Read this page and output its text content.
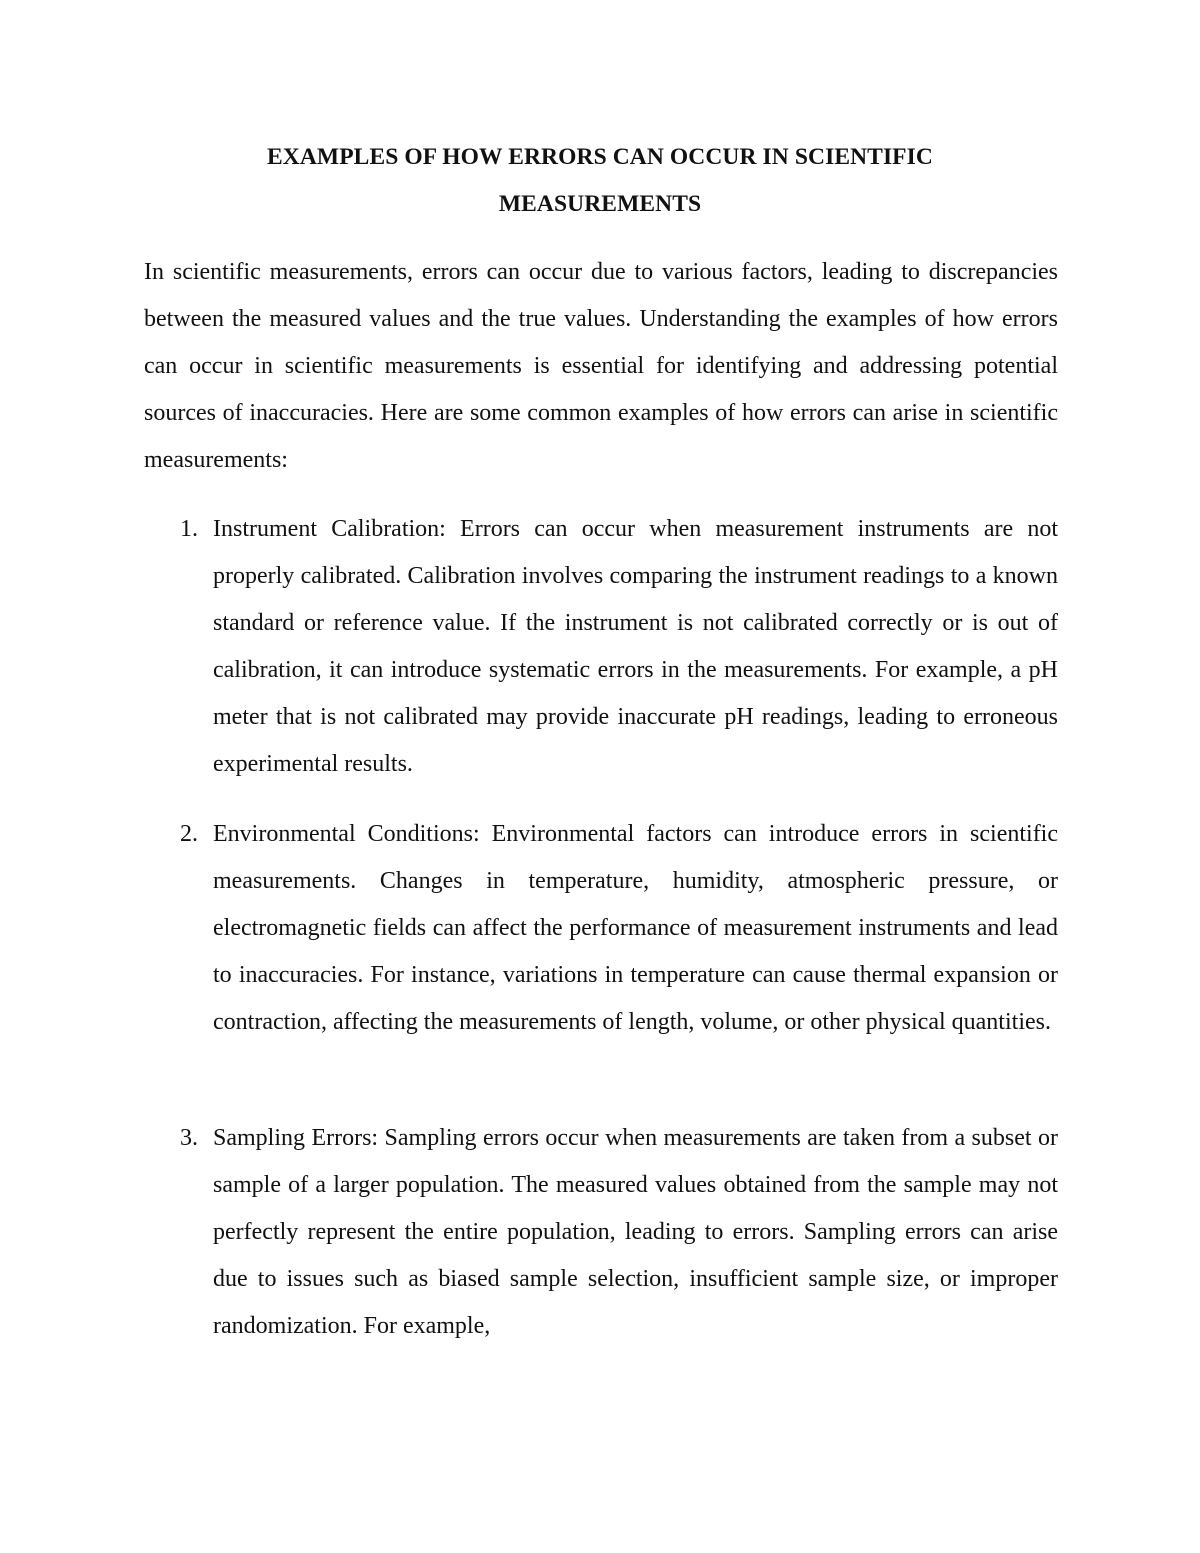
EXAMPLES OF HOW ERRORS CAN OCCUR IN SCIENTIFIC
MEASUREMENTS

In scientific measurements, errors can occur due to various factors, leading to discrepancies between the measured values and the true values. Understanding the examples of how errors can occur in scientific measurements is essential for identifying and addressing potential sources of inaccuracies. Here are some common examples of how errors can arise in scientific measurements:

1. Instrument Calibration: Errors can occur when measurement instruments are not properly calibrated. Calibration involves comparing the instrument readings to a known standard or reference value. If the instrument is not calibrated correctly or is out of calibration, it can introduce systematic errors in the measurements. For example, a pH meter that is not calibrated may provide inaccurate pH readings, leading to erroneous experimental results.

2. Environmental Conditions: Environmental factors can introduce errors in scientific measurements. Changes in temperature, humidity, atmospheric pressure, or electromagnetic fields can affect the performance of measurement instruments and lead to inaccuracies. For instance, variations in temperature can cause thermal expansion or contraction, affecting the measurements of length, volume, or other physical quantities.

3. Sampling Errors: Sampling errors occur when measurements are taken from a subset or sample of a larger population. The measured values obtained from the sample may not perfectly represent the entire population, leading to errors. Sampling errors can arise due to issues such as biased sample selection, insufficient sample size, or improper randomization. For example,
